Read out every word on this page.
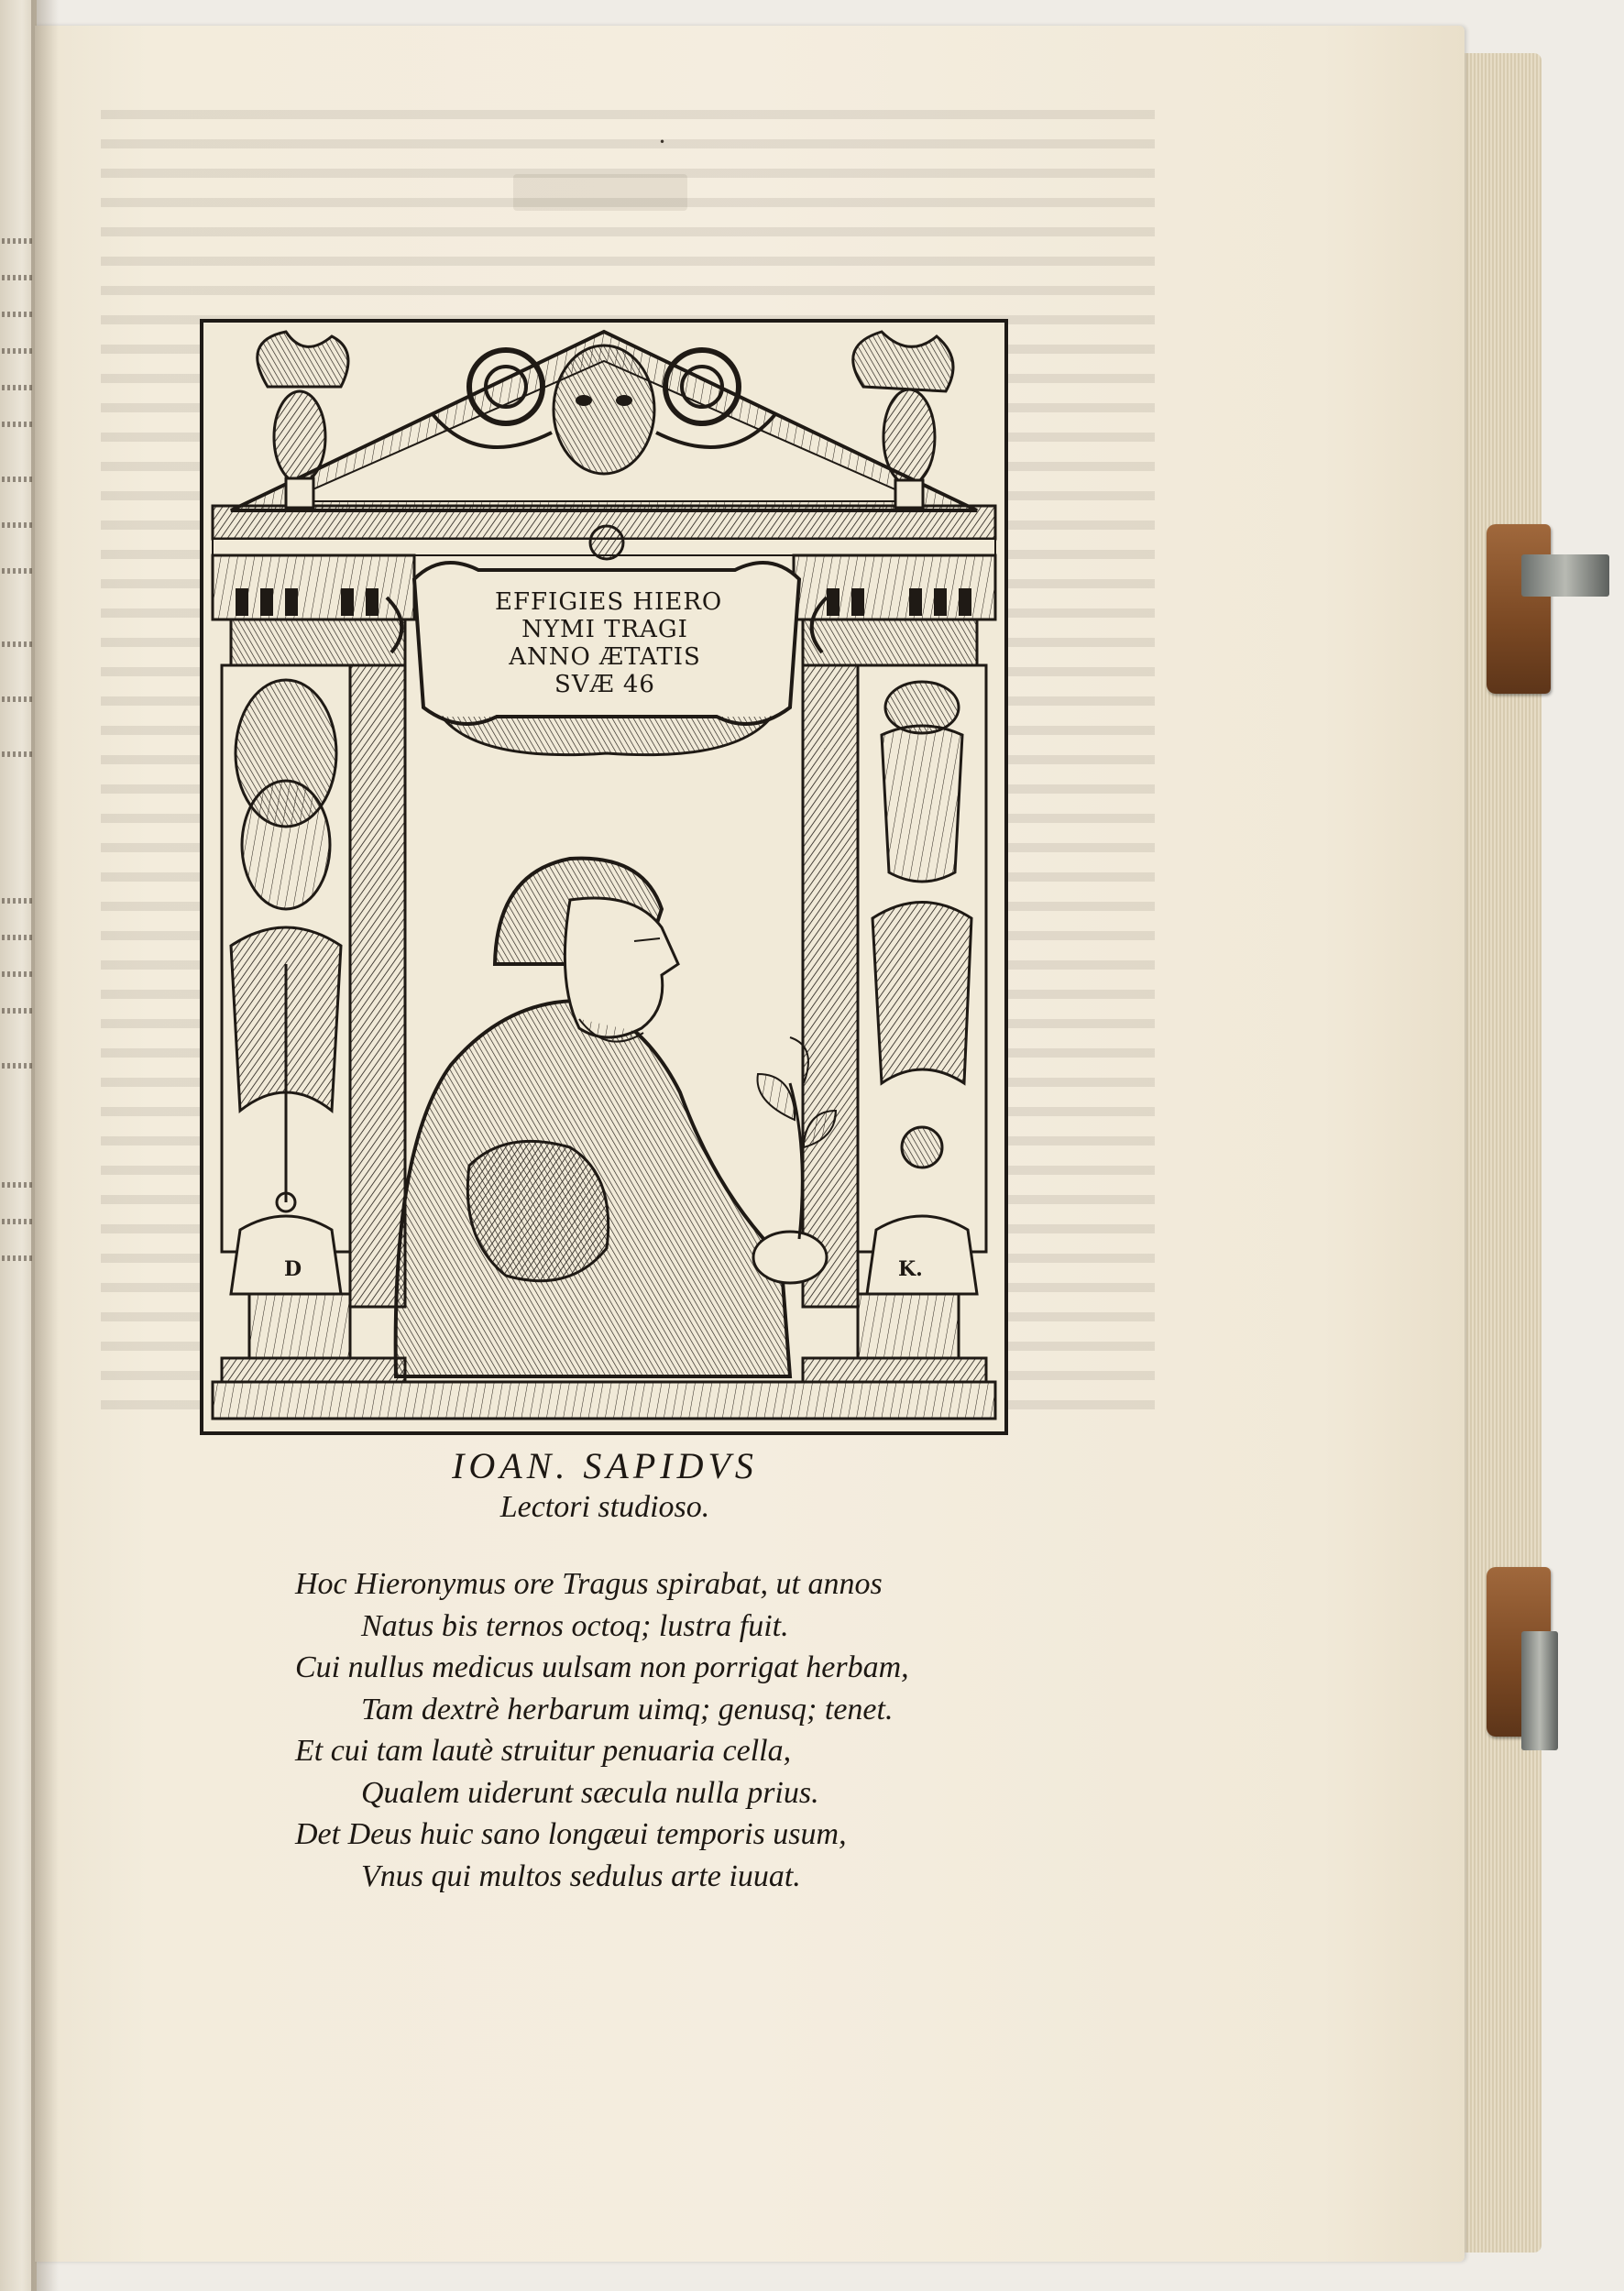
•
EFFIGIES HIERO
NYMI TRAGI
ANNO ÆTATIS
SVÆ 46
D	K.
IOAN. SAPIDVS
Lectori studioso.
Hoc Hieronymus ore Tragus spirabat, ut annos
Natus bis ternos octoq; lustra fuit.
Cui nullus medicus uulsam non porrigat herbam,
Tam dextrè herbarum uimq; genusq; tenet.
Et cui tam lautè struitur penuaria cella,
Qualem uiderunt sæcula nulla prius.
Det Deus huic sano longæui temporis usum,
Vnus qui multos sedulus arte iuuat.
